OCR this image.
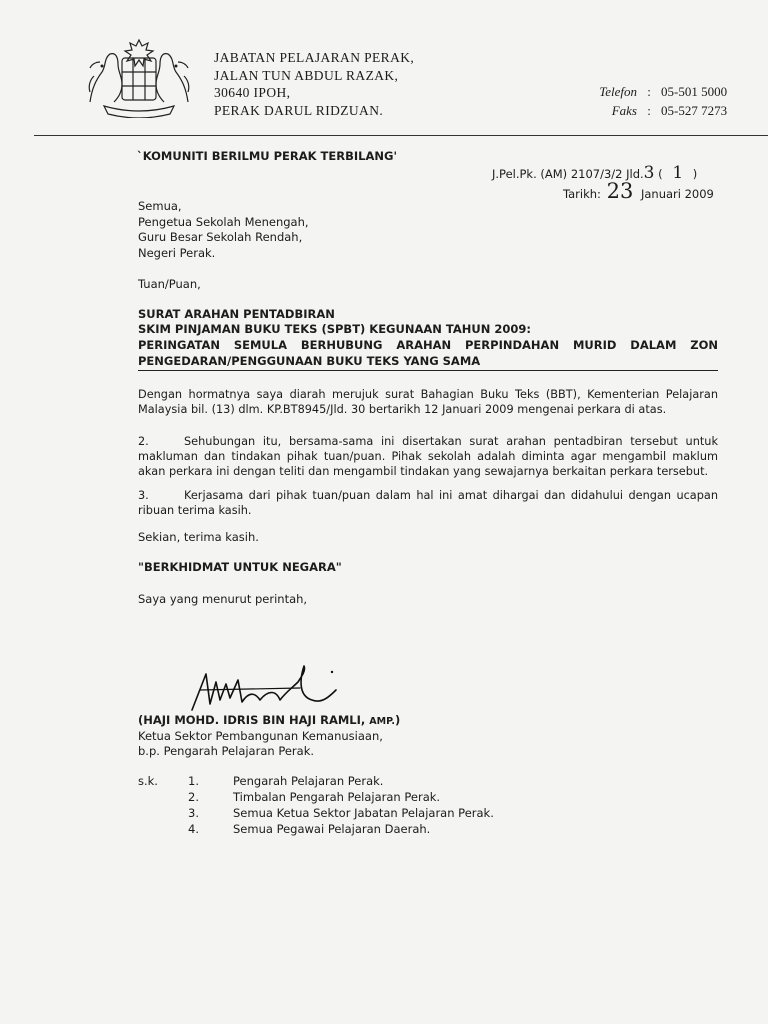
JABATAN PELAJARAN PERAK,
JALAN TUN ABDUL RAZAK,
30640 IPOH,
PERAK DARUL RIDZUAN.
Telefon : 05-501 5000
Faks : 05-527 7273
`KOMUNITI BERILMU PERAK TERBILANG'
J.Pel.Pk. (AM) 2107/3/2 Jld.3 ( 1 )
Tarikh: 23 Januari 2009
Semua,
Pengetua Sekolah Menengah,
Guru Besar Sekolah Rendah,
Negeri Perak.
Tuan/Puan,
SURAT ARAHAN PENTADBIRAN
SKIM PINJAMAN BUKU TEKS (SPBT) KEGUNAAN TAHUN 2009:
PERINGATAN SEMULA BERHUBUNG ARAHAN PERPINDAHAN MURID DALAM ZON
PENGEDARAN/PENGGUNAAN BUKU TEKS YANG SAMA
Dengan hormatnya saya diarah merujuk surat Bahagian Buku Teks (BBT), Kementerian Pelajaran Malaysia bil. (13) dlm. KP.BT8945/Jld. 30 bertarikh 12 Januari 2009 mengenai perkara di atas.
2.	Sehubungan itu, bersama-sama ini disertakan surat arahan pentadbiran tersebut untuk makluman dan tindakan pihak tuan/puan. Pihak sekolah adalah diminta agar mengambil maklum akan perkara ini dengan teliti dan mengambil tindakan yang sewajarnya berkaitan perkara tersebut.
3.	Kerjasama dari pihak tuan/puan dalam hal ini amat dihargai dan didahului dengan ucapan ribuan terima kasih.
Sekian, terima kasih.
"BERKHIDMAT UNTUK NEGARA"
Saya yang menurut perintah,
(HAJI MOHD. IDRIS BIN HAJI RAMLI, AMP.)
Ketua Sektor Pembangunan Kemanusiaan,
b.p. Pengarah Pelajaran Perak.
s.k.	1.	Pengarah Pelajaran Perak.
2.	Timbalan Pengarah Pelajaran Perak.
3.	Semua Ketua Sektor Jabatan Pelajaran Perak.
4.	Semua Pegawai Pelajaran Daerah.
